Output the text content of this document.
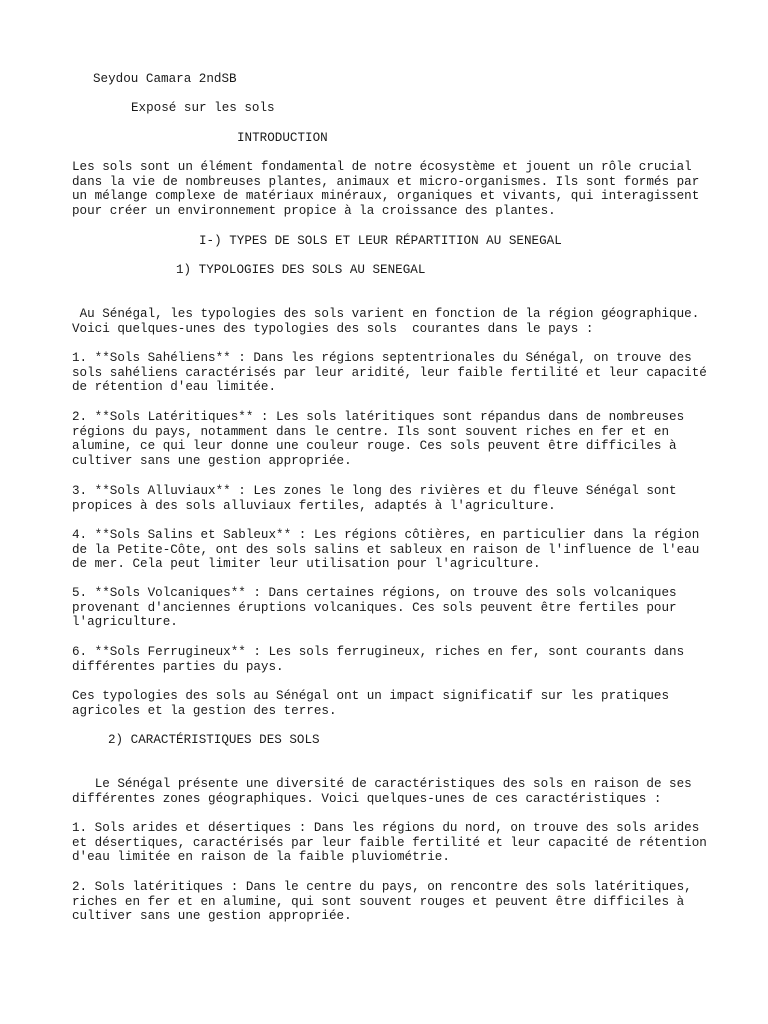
Seydou Camara 2ndSB
Exposé sur les sols
INTRODUCTION

Les sols sont un élément fondamental de notre écosystème et jouent un rôle crucial dans la vie de nombreuses plantes, animaux et micro-organismes. Ils sont formés par un mélange complexe de matériaux minéraux, organiques et vivants, qui interagissent pour créer un environnement propice à la croissance des plantes.

I-) TYPES DE SOLS ET LEUR RÉPARTITION AU SENEGAL
1) TYPOLOGIES DES SOLS AU SENEGAL

Au Sénégal, les typologies des sols varient en fonction de la région géographique. Voici quelques-unes des typologies des sols  courantes dans le pays :

1. **Sols Sahéliens** : Dans les régions septentrionales du Sénégal, on trouve des sols sahéliens caractérisés par leur aridité, leur faible fertilité et leur capacité de rétention d'eau limitée.

2. **Sols Latéritiques** : Les sols latéritiques sont répandus dans de nombreuses régions du pays, notamment dans le centre. Ils sont souvent riches en fer et en alumine, ce qui leur donne une couleur rouge. Ces sols peuvent être difficiles à cultiver sans une gestion appropriée.

3. **Sols Alluviaux** : Les zones le long des rivières et du fleuve Sénégal sont propices à des sols alluviaux fertiles, adaptés à l'agriculture.

4. **Sols Salins et Sableux** : Les régions côtières, en particulier dans la région de la Petite-Côte, ont des sols salins et sableux en raison de l'influence de l'eau de mer. Cela peut limiter leur utilisation pour l'agriculture.

5. **Sols Volcaniques** : Dans certaines régions, on trouve des sols volcaniques provenant d'anciennes éruptions volcaniques. Ces sols peuvent être fertiles pour l'agriculture.

6. **Sols Ferrugineux** : Les sols ferrugineux, riches en fer, sont courants dans différentes parties du pays.

Ces typologies des sols au Sénégal ont un impact significatif sur les pratiques agricoles et la gestion des terres.

2) CARACTÉRISTIQUES DES SOLS

Le Sénégal présente une diversité de caractéristiques des sols en raison de ses différentes zones géographiques. Voici quelques-unes de ces caractéristiques :

1. Sols arides et désertiques : Dans les régions du nord, on trouve des sols arides et désertiques, caractérisés par leur faible fertilité et leur capacité de rétention d'eau limitée en raison de la faible pluviométrie.

2. Sols latéritiques : Dans le centre du pays, on rencontre des sols latéritiques, riches en fer et en alumine, qui sont souvent rouges et peuvent être difficiles à cultiver sans une gestion appropriée.
